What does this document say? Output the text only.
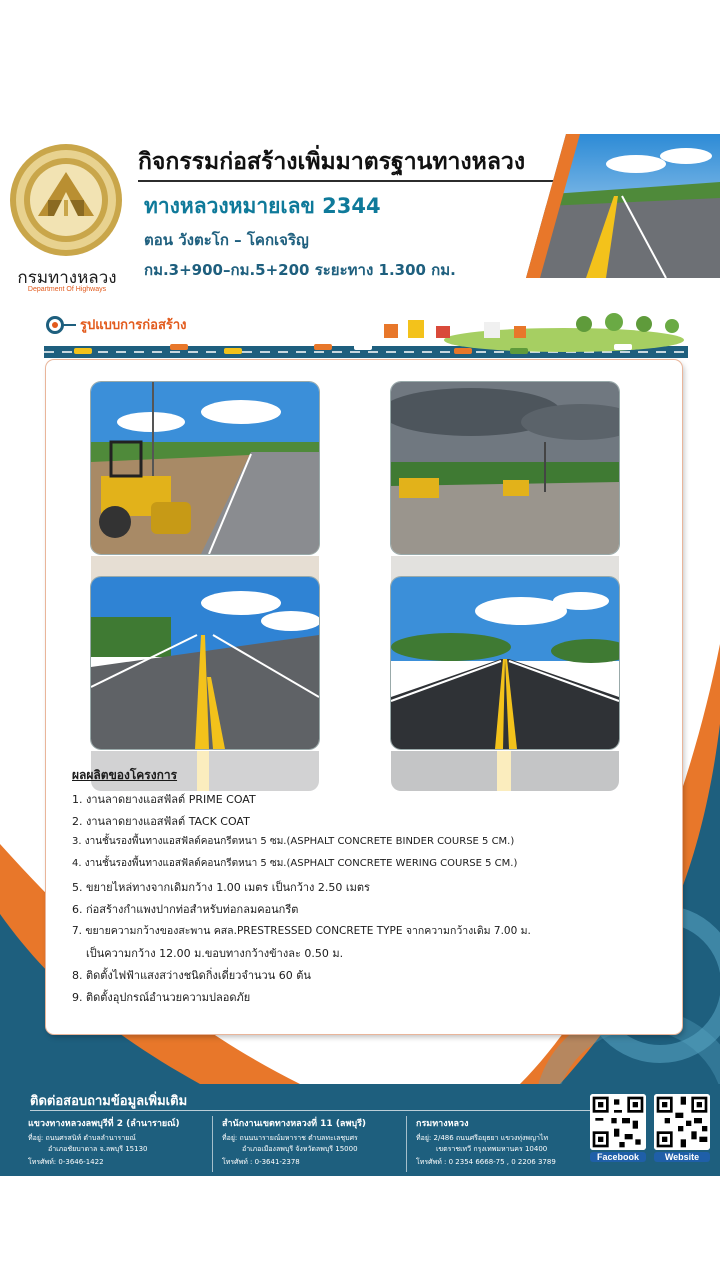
กรมทางหลวง
Department Of Highways
กิจกรรมก่อสร้างเพิ่มมาตรฐานทางหลวง
ทางหลวงหมายเลข 2344
ตอน วังตะโก – โคกเจริญ
กม.3+900–กม.5+200 ระยะทาง 1.300 กม.
รูปแบบการก่อสร้าง
ผลผลิตของโครงการ
1. งานลาดยางแอสฟัลต์ PRIME COAT
2. งานลาดยางแอสฟัลต์ TACK COAT
3. งานชั้นรองพื้นทางแอสฟัลต์คอนกรีตหนา 5 ซม.(ASPHALT CONCRETE BINDER COURSE 5 CM.)
4. งานชั้นรองพื้นทางแอสฟัลต์คอนกรีตหนา 5 ซม.(ASPHALT CONCRETE WERING COURSE 5 CM.)
5. ขยายไหล่ทางจากเดิมกว้าง 1.00 เมตร เป็นกว้าง 2.50 เมตร
6. ก่อสร้างกำแพงปากท่อสำหรับท่อกลมคอนกรีต
7. ขยายความกว้างของสะพาน คสล.PRESTRESSED CONCRETE TYPE จากความกว้างเดิม 7.00 ม.
เป็นความกว้าง 12.00 ม.ขอบทางกว้างข้างละ 0.50 ม.
8. ติดตั้งไฟฟ้าแสงสว่างชนิดกิ่งเดี่ยวจำนวน 60 ต้น
9. ติดตั้งอุปกรณ์อำนวยความปลอดภัย
ติดต่อสอบถามข้อมูลเพิ่มเติม
แขวงทางหลวงลพบุรีที่ 2 (ลำนารายณ์)
ที่อยู่: ถนนศรสนิท์ ตำบลลำนารายณ์
อำเภอชัยบาดาล จ.ลพบุรี 15130
โทรศัพท์: 0-3646-1422
สำนักงานเขตทางหลวงที่ 11 (ลพบุรี)
ที่อยู่: ถนนนารายณ์มหาราช ตำบลทะเลชุบศร
อำเภอเมืองลพบุรี จังหวัดลพบุรี 15000
โทรศัพท์ : 0-3641-2378
กรมทางหลวง
ที่อยู่: 2/486 ถนนศรีอยุธยา แขวงทุ่งพญาไท
เขตราชเทวี กรุงเทพมหานคร 10400
โทรศัพท์ : 0 2354 6668-75 , 0 2206 3789	Facebook	Website
